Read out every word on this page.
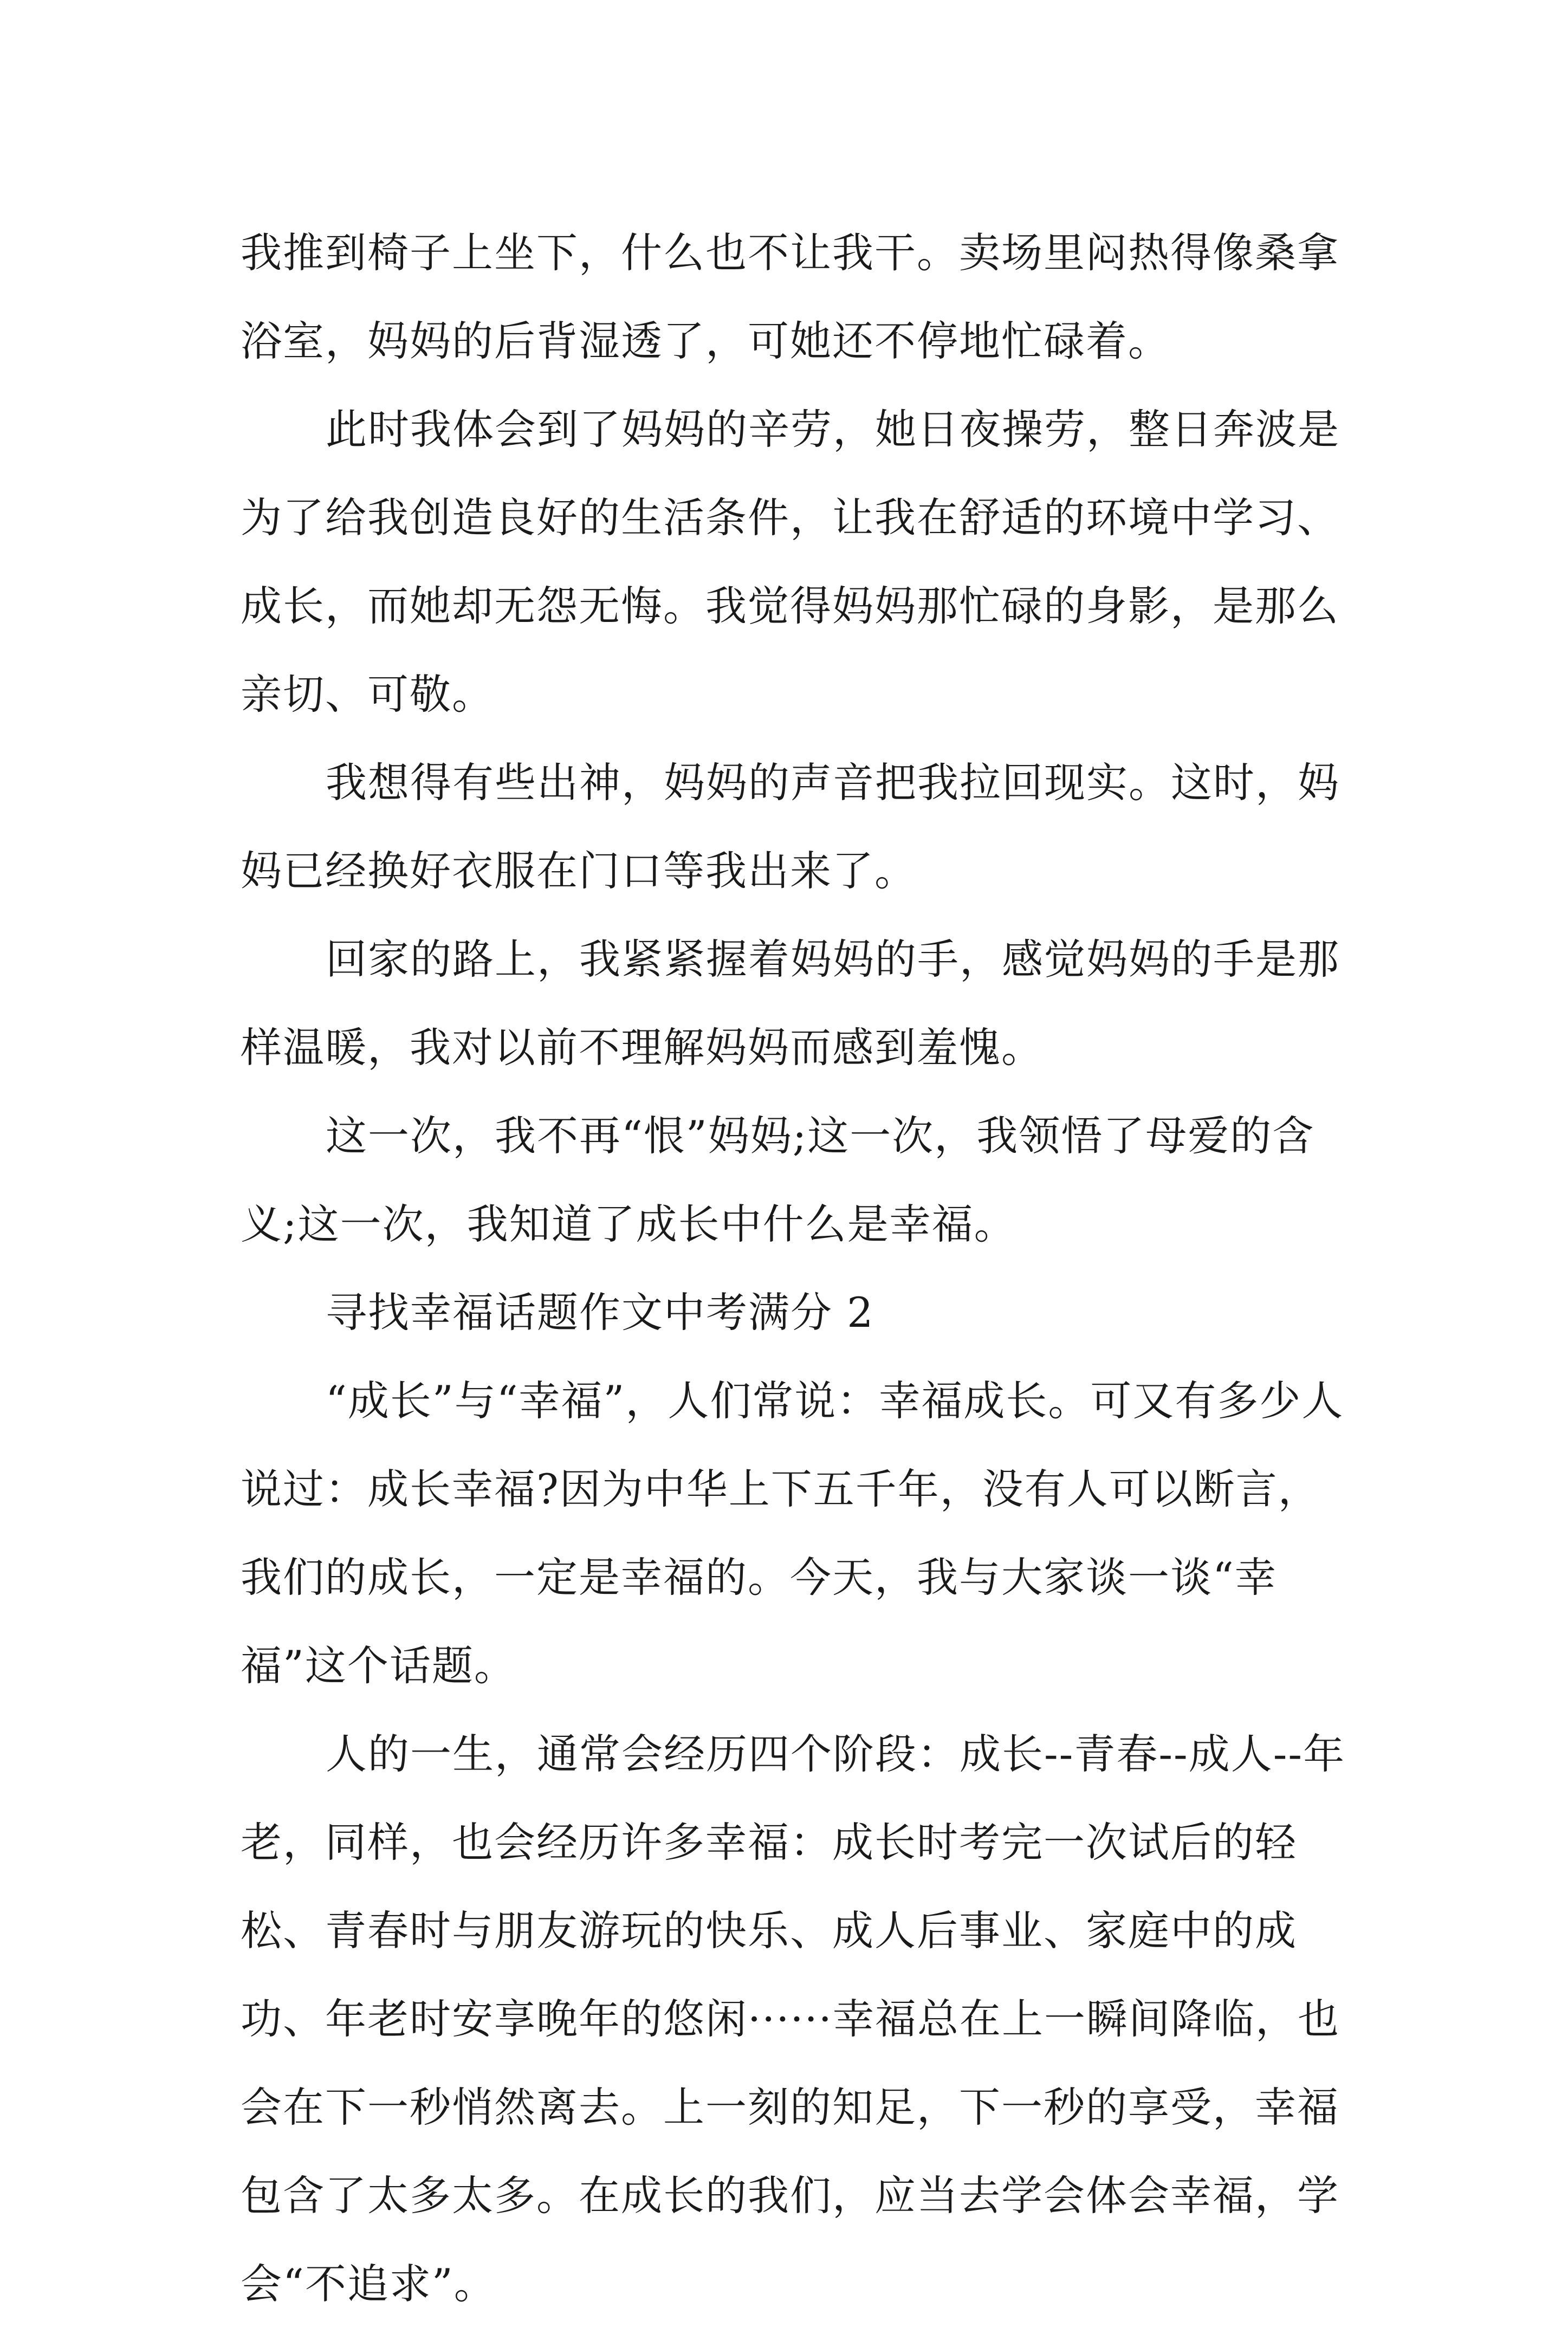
我推到椅子上坐下，什么也不让我干。卖场里闷热得像桑拿浴室，妈妈的后背湿透了，可她还不停地忙碌着。

此时我体会到了妈妈的辛劳，她日夜操劳，整日奔波是为了给我创造良好的生活条件，让我在舒适的环境中学习、成长，而她却无怨无悔。我觉得妈妈那忙碌的身影，是那么亲切、可敬。

我想得有些出神，妈妈的声音把我拉回现实。这时，妈妈已经换好衣服在门口等我出来了。

回家的路上，我紧紧握着妈妈的手，感觉妈妈的手是那样温暖，我对以前不理解妈妈而感到羞愧。

这一次，我不再“恨”妈妈;这一次，我领悟了母爱的含义;这一次，我知道了成长中什么是幸福。

寻找幸福话题作文中考满分 2

“成长”与“幸福”，人们常说：幸福成长。可又有多少人说过：成长幸福?因为中华上下五千年，没有人可以断言，我们的成长，一定是幸福的。今天，我与大家谈一谈“幸福”这个话题。

人的一生，通常会经历四个阶段：成长--青春--成人--年老，同样，也会经历许多幸福：成长时考完一次试后的轻松、青春时与朋友游玩的快乐、成人后事业、家庭中的成功、年老时安享晚年的悠闲······幸福总在上一瞬间降临，也会在下一秒悄然离去。上一刻的知足，下一秒的享受，幸福包含了太多太多。在成长的我们，应当去学会体会幸福，学会“不追求”。
